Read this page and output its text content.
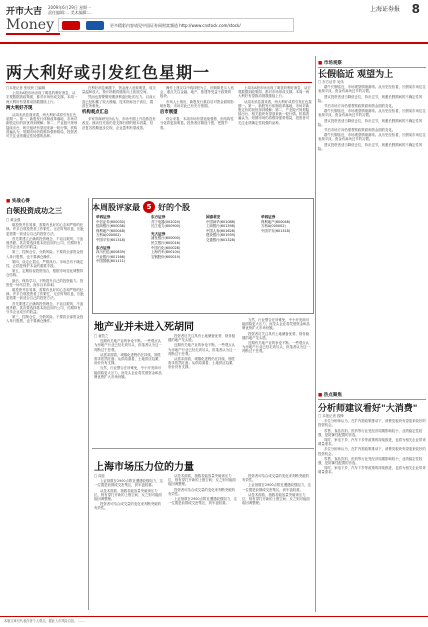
开市大吉 2009年6月29日 星期一
责任编辑:… 美术编辑:…
Money	更多精彩内容请见中国证券网财富频道 http://www.cnstock.com/stock/
上海证券报 8
两大利好或引发红色星期一
□本报记者 张欣欣 □编辑
上周末A股市场出现了明显的利好消息，从宏观数据到政策面，都对市场形成支撑。本周一两大利好有望推动指数继续上行。
两大利好齐现
从周末消息面来看，两大利好或将引发红色星期一。第一，新股发行体制改革落地，市场对新股定价的担忧得到缓解；第二，产业振兴规划陆续出台，相关板块有望迎来新一轮行情。机构普遍认为，短期市场仍将维持强势格局，投资者可关注业绩确定性较强的品种。
在利好消息刺激下，资金流入迹象明显，成交量温和放大，预计指数将继续向上拓展空间。
然而也需警惕短期获利盘回吐的压力。目前大盘已经积累了较大涨幅，技术指标处于高位，震荡在所难免。
机构观点汇总
多家券商研究所认为，市场中期上升趋势没有改变。流动性充裕仍是支撑行情的根本因素，经济复苏预期逐步兑现，企业盈利有望改善。
操作上建议以中线持股为主，回调即是买入机会，重点关注金融、地产、基建等受益于政策的板块。
市场人士指出，新股发行重启后对资金面的影响有限，市场对此已有充分预期。
后市展望
综合来看，本周市场有望延续强势，但结构性分化将更加明显。投资者应精选个股，把握节奏。
上周末A股市场出现了明显的利好消息，从宏观数据到政策面，都对市场形成支撑。本周一两大利好有望推动指数继续上行。
从周末消息面来看，两大利好或将引发红色星期一。第一，新股发行体制改革落地，市场对新股定价的担忧得到缓解；第二，产业振兴规划陆续出台，相关板块有望迎来新一轮行情。机构普遍认为，短期市场仍将维持强势格局，投资者可关注业绩确定性较强的品种。
■ 实战心得
白领投资成功之三
□ 黄金强
做投资并非易事，需要有良好的心态和严格的纪律。许多白领投资者工作繁忙，无法时刻盯盘，因此更需要一套适合自己的投资方法。
首先要建立正确的投资理念，不盲目跟风，不追涨杀跌。其次要选择基本面良好的公司，长期持有，分享企业成长的收益。
第三，控制仓位，分散风险。不要将全部资金投入单只股票，也不要满仓操作。
第四，设定止损点，严格执行。市场总有不确定性，止损是保护本金的重要手段。
第五，定期检视投资组合，根据市场变化调整持仓结构。
最后，保持学习，不断提升自己的投资能力。投资是一场马拉松，而非百米冲刺。
做投资并非易事，需要有良好的心态和严格的纪律。许多白领投资者工作繁忙，无法时刻盯盘，因此更需要一套适合自己的投资方法。
首先要建立正确的投资理念，不盲目跟风，不追涨杀跌。其次要选择基本面良好的公司，长期持有，分享企业成长的收益。
第三，控制仓位，分散风险。不要将全部资金投入单只股票，也不要满仓操作。
本周股评家最 5 好的个股
华西证券
中信证券(600030)
招商银行(600036)
保利地产(600048)
万科A(000002)
中国平安(601318)
东方证券
四川长虹(600839)
兴业银行(601166)
中国国航(601111)
东方证券
苏宁电器(002024)
长江电力(600900)
光大证券
浦发银行(600000)
民生银行(600016)
中国石化(600028)
上海汽车(600104)
宝钢股份(600019)
国泰君安
中国神华(601088)
工商银行(601398)
中国人寿(601628)
建设银行(601939)
交通银行(601328)
华西证券
保利地产(600048)
万科A(000002)
中国平安(601318)
地产业并未进入死胡同
□ 童牧之
近期有关地产业的争论不断。一些观点认为房地产行业已经走到尽头，但笔者认为这一判断过于悲观。
从需求面看，城镇化进程仍在持续，刚性需求依然旺盛；从供给面看，土地供应趋紧，房价仍有支撑。
当然，行业整合在所难免，中小开发商可能面临更大压力，而龙头企业将凭借资金和品牌优势扩大市场份额。
投资者应关注具有土地储备优势、财务稳健的地产龙头股。
近期有关地产业的争论不断。一些观点认为房地产行业已经走到尽头，但笔者认为这一判断过于悲观。
从需求面看，城镇化进程仍在持续，刚性需求依然旺盛；从供给面看，土地供应趋紧，房价仍有支撑。
当然，行业整合在所难免，中小开发商可能面临更大压力，而龙头企业将凭借资金和品牌优势扩大市场份额。
投资者应关注具有土地储备优势、财务稳健的地产龙头股。
近期有关地产业的争论不断。一些观点认为房地产行业已经走到尽头，但笔者认为这一判断过于悲观。
上海市场压力位的力量
□ 周佳
上证指数在2900点附近遭遇较强阻力，这一位置是前期成交密集区，套牢盘较重。
从技术面看，指数若能放量突破该压力位，则有望打开新的上涨空间；反之则可能面临回调整理。
投资者可结合成交量的变化来判断突破的有效性。
从技术面看，指数若能放量突破该压力位，则有望打开新的上涨空间；反之则可能面临回调整理。
投资者可结合成交量的变化来判断突破的有效性。
上证指数在2900点附近遭遇较强阻力，这一位置是前期成交密集区，套牢盘较重。
投资者可结合成交量的变化来判断突破的有效性。
上证指数在2900点附近遭遇较强阻力，这一位置是前期成交密集区，套牢盘较重。
从技术面看，指数若能放量突破该压力位，则有望打开新的上涨空间；反之则可能面临回调整理。
■ 市场观察
长假临近 观望为上
□ 东方证券 吴伟
端午长假临近，市场观望情绪渐浓。从历史经验看，长假前市场往往表现平淡，资金有离场过节的习惯。
建议投资者适当降低仓位，持币过节，规避长假期间的不确定性风险。
节后市场方向仍需观察政策面和资金面的变化。
端午长假临近，市场观望情绪渐浓。从历史经验看，长假前市场往往表现平淡，资金有离场过节的习惯。
建议投资者适当降低仓位，持币过节，规避长假期间的不确定性风险。
节后市场方向仍需观察政策面和资金面的变化。
端午长假临近，市场观望情绪渐浓。从历史经验看，长假前市场往往表现平淡，资金有离场过节的习惯。
建议投资者适当降低仓位，持币过节，规避长假期间的不确定性风险。
■ 热点聚焦
分析师建议看好"大消费"
□ 本报记者 钱锋
多位分析师认为，在扩内需政策推动下，消费类板块有望迎来较好的投资机会。
零售、食品饮料、医药等行业受经济周期影响较小，业绩稳定性较强，是防御性配置的首选。
同时，家电下乡、汽车下乡等政策的持续推进，也将为相关企业带来增量需求。
多位分析师认为，在扩内需政策推动下，消费类板块有望迎来较好的投资机会。
零售、食品饮料、医药等行业受经济周期影响较小，业绩稳定性较强，是防御性配置的首选。
同时，家电下乡、汽车下乡等政策的持续推进，也将为相关企业带来增量需求。
本版文章仅代表作者个人观点，据此入市风险自担。 ……
